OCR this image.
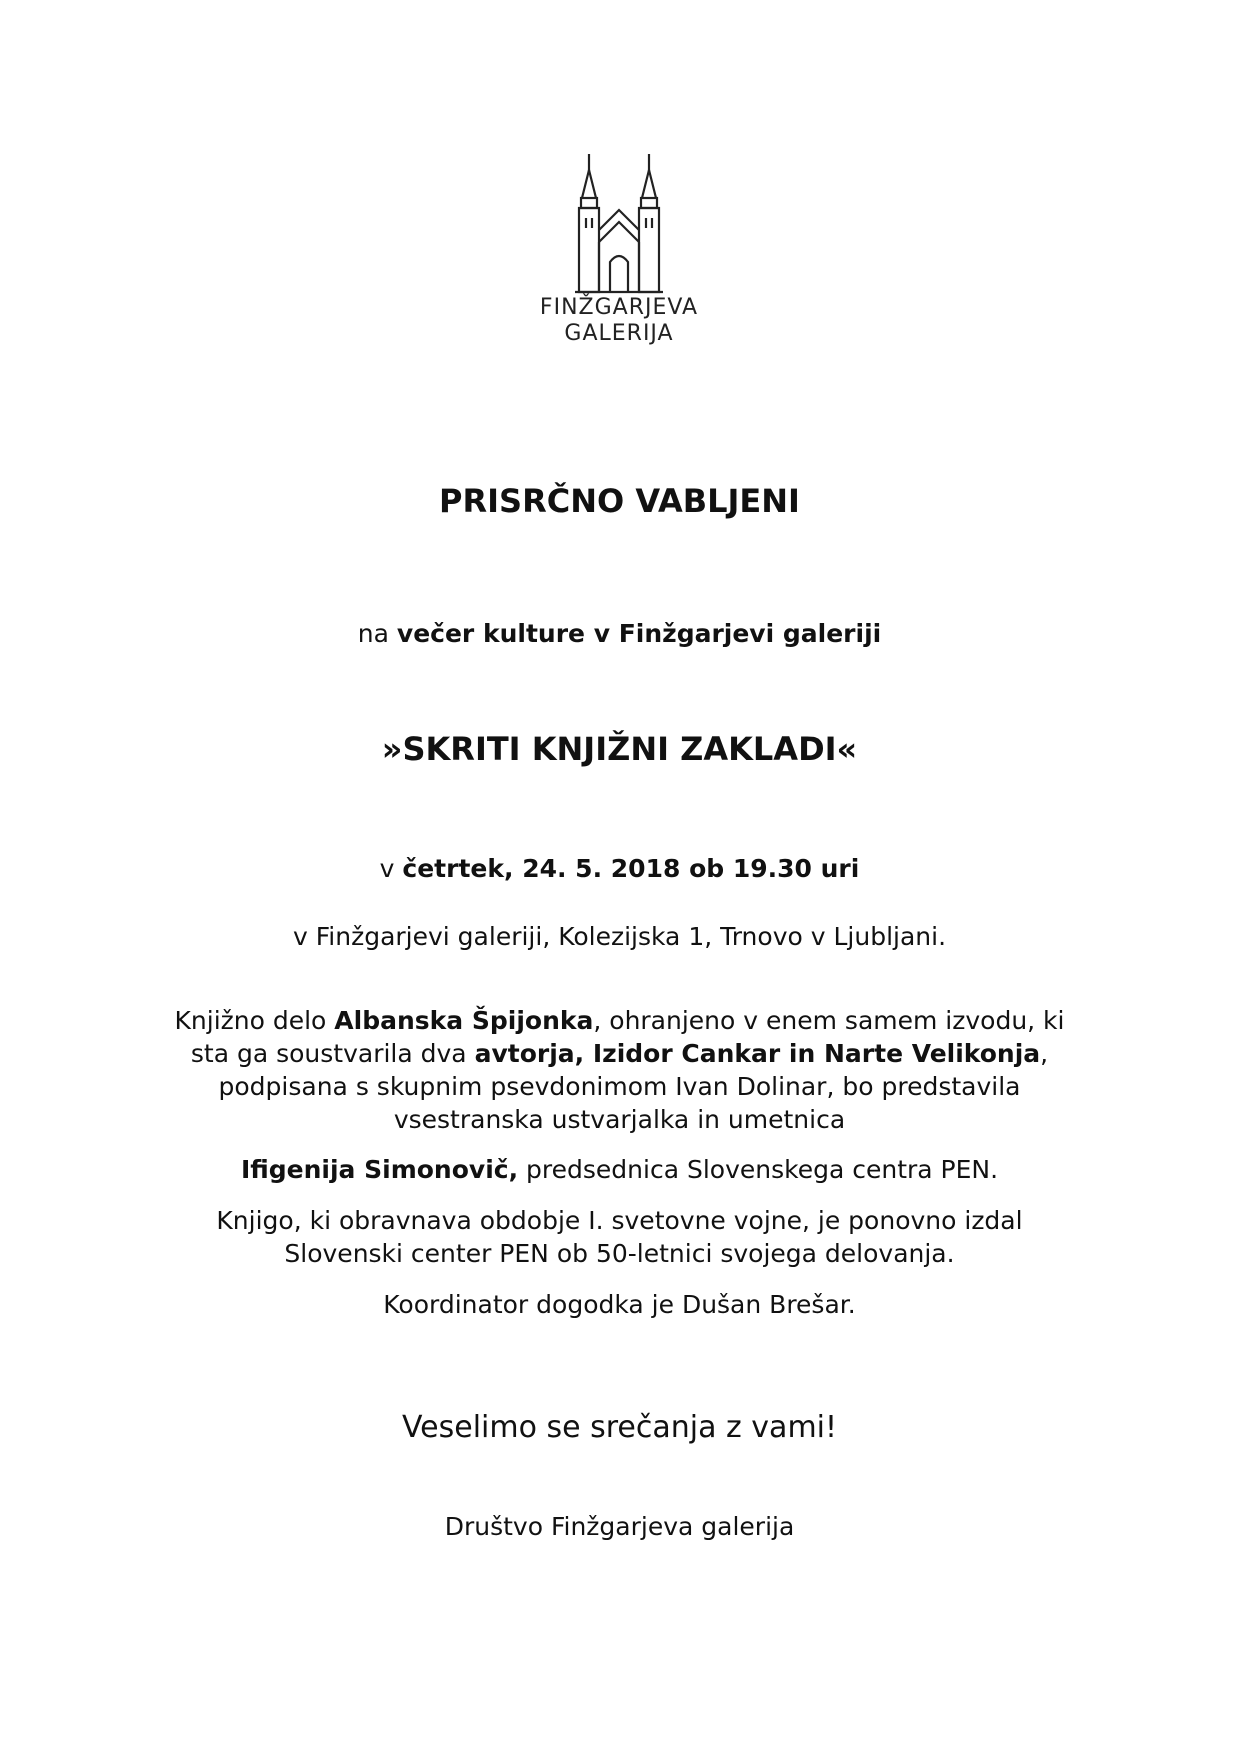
FINŽGARJEVA
GALERIJA
PRISRČNO VABLJENI
na večer kulture v Finžgarjevi galeriji
»SKRITI KNJIŽNI ZAKLADI«
v četrtek, 24. 5. 2018 ob 19.30 uri
v Finžgarjevi galeriji, Kolezijska 1, Trnovo v Ljubljani.
Knjižno delo Albanska Špijonka, ohranjeno v enem samem izvodu, ki
sta ga soustvarila dva avtorja, Izidor Cankar in Narte Velikonja,
podpisana s skupnim psevdonimom Ivan Dolinar, bo predstavila
vsestranska ustvarjalka in umetnica
Ifigenija Simonovič, predsednica Slovenskega centra PEN.
Knjigo, ki obravnava obdobje I. svetovne vojne, je ponovno izdal
Slovenski center PEN ob 50-letnici svojega delovanja.
Koordinator dogodka je Dušan Brešar.
Veselimo se srečanja z vami!
Društvo Finžgarjeva galerija
